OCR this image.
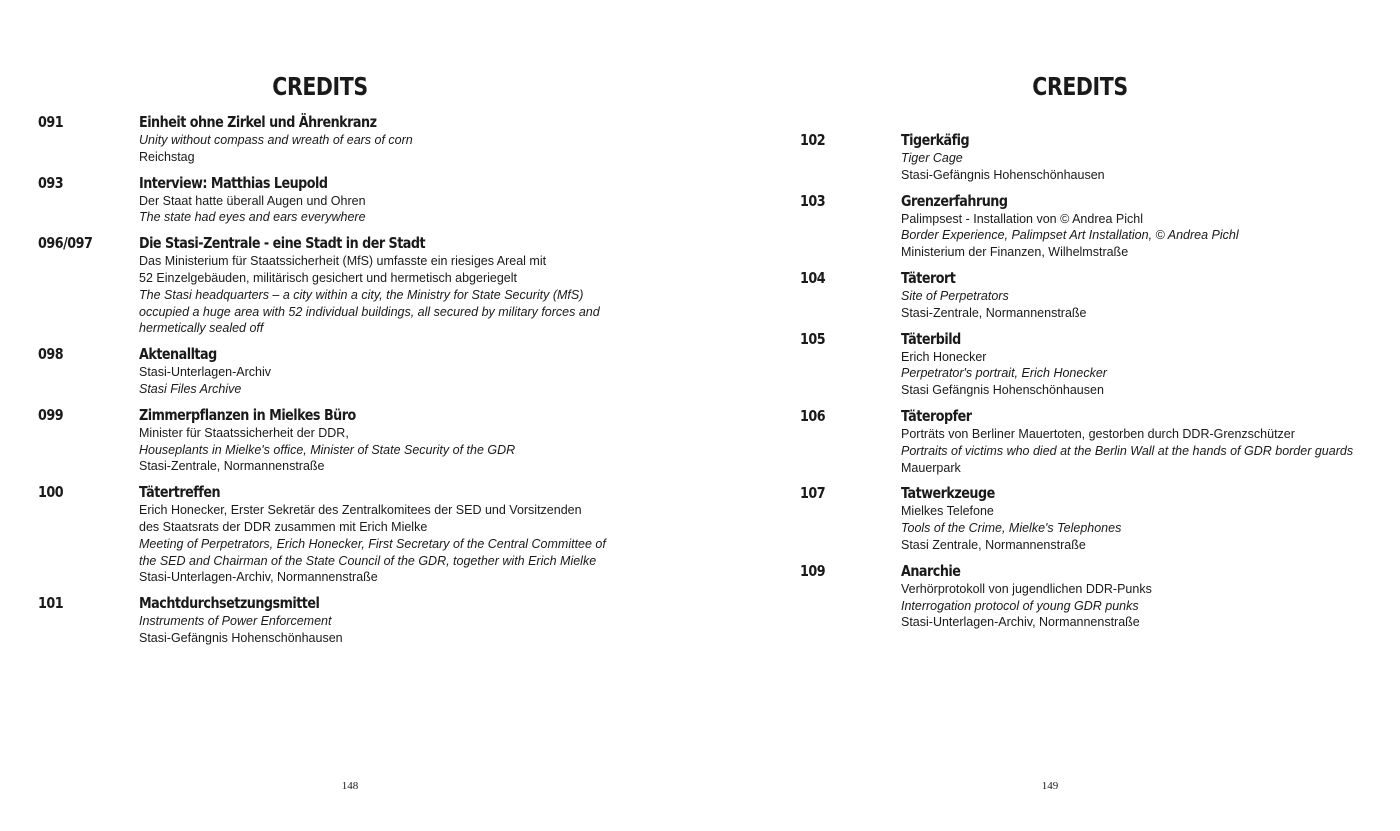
CREDITS
091	Einheit ohne Zirkel und Ährenkranz
Unity without compass and wreath of ears of corn
Reichstag
093	Interview: Matthias Leupold
Der Staat hatte überall Augen und Ohren
The state had eyes and ears everywhere
096/097	Die Stasi-Zentrale - eine Stadt in der Stadt
Das Ministerium für Staatssicherheit (MfS) umfasste ein riesiges Areal mit
52 Einzelgebäuden, militärisch gesichert und hermetisch abgeriegelt
The Stasi headquarters – a city within a city, the Ministry for State Security (MfS)
occupied a huge area with 52 individual buildings, all secured by military forces and
hermetically sealed off
098	Aktenalltag
Stasi-Unterlagen-Archiv
Stasi Files Archive
099	Zimmerpflanzen in Mielkes Büro
Minister für Staatssicherheit der DDR,
Houseplants in Mielke's office, Minister of State Security of the GDR
Stasi-Zentrale, Normannenstraße
100	Tätertreffen
Erich Honecker, Erster Sekretär des Zentralkomitees der SED und Vorsitzenden
des Staatsrats der DDR zusammen mit Erich Mielke
Meeting of Perpetrators, Erich Honecker, First Secretary of the Central Committee of
the SED and Chairman of the State Council of the GDR, together with Erich Mielke
Stasi-Unterlagen-Archiv, Normannenstraße
101	Machtdurchsetzungsmittel
Instruments of Power Enforcement
Stasi-Gefängnis Hohenschönhausen
148
CREDITS
102	Tigerkäfig
Tiger Cage
Stasi-Gefängnis Hohenschönhausen
103	Grenzerfahrung
Palimpsest - Installation von © Andrea Pichl
Border Experience, Palimpset Art Installation, © Andrea Pichl
Ministerium der Finanzen, Wilhelmstraße
104	Täterort
Site of Perpetrators
Stasi-Zentrale, Normannenstraße
105	Täterbild
Erich Honecker
Perpetrator's portrait, Erich Honecker
Stasi Gefängnis Hohenschönhausen
106	Täteropfer
Porträts von Berliner Mauertoten, gestorben durch DDR-Grenzschützer
Portraits of victims who died at the Berlin Wall at the hands of GDR border guards
Mauerpark
107	Tatwerkzeuge
Mielkes Telefone
Tools of the Crime, Mielke's Telephones
Stasi Zentrale, Normannenstraße
109	Anarchie
Verhörprotokoll von jugendlichen DDR-Punks
Interrogation protocol of young GDR punks
Stasi-Unterlagen-Archiv, Normannenstraße
149
